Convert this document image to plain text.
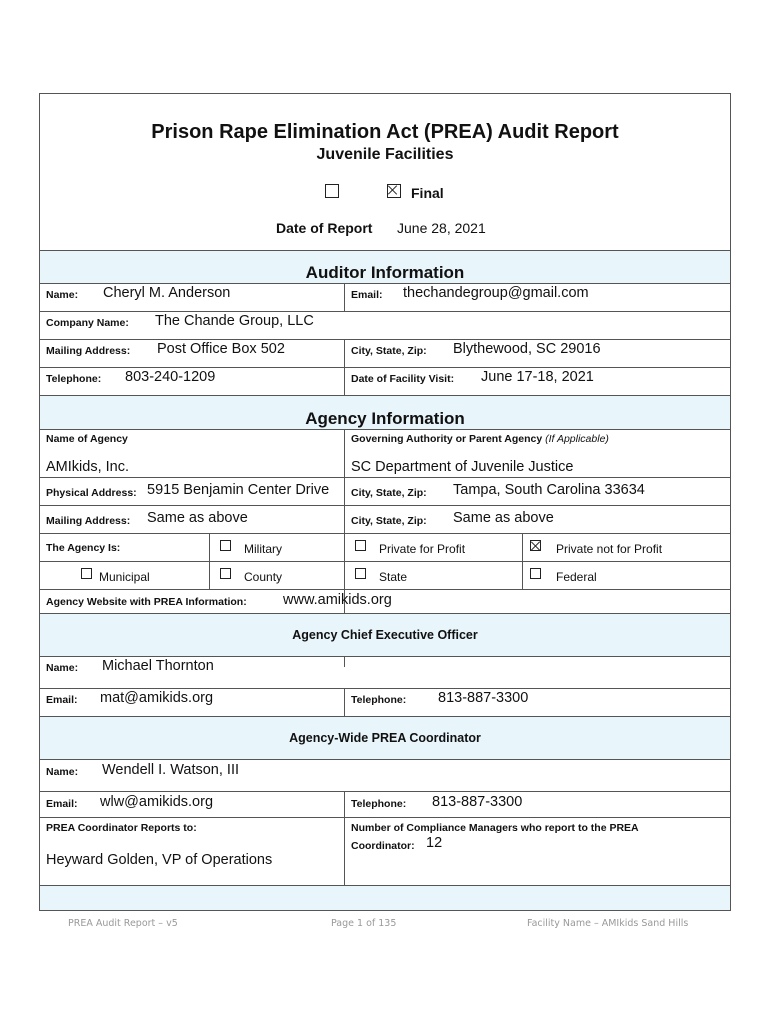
Prison Rape Elimination Act (PREA) Audit Report
Juvenile Facilities
Final
Date of Report June 28, 2021
Auditor Information
Name: Cheryl M. Anderson	Email: thechandegroup@gmail.com
Company Name: The Chande Group, LLC
Mailing Address: Post Office Box 502	City, State, Zip: Blythewood, SC 29016
Telephone: 803-240-1209	Date of Facility Visit: June 17-18, 2021
Agency Information
Name of Agency
AMIkids, Inc.
Governing Authority or Parent Agency (If Applicable)
SC Department of Juvenile Justice
Physical Address: 5915 Benjamin Center Drive City, State, Zip: Tampa, South Carolina 33634
Mailing Address: Same as above	City, State, Zip: Same as above
The Agency Is:	Military	Private for Profit	Private not for Profit
Municipal	County	State	Federal
Agency Website with PREA Information:	www.amikids.org
Agency Chief Executive Officer
Name: Michael Thornton
Email: mat@amikids.org	Telephone: 813-887-3300
Agency-Wide PREA Coordinator
Name: Wendell I. Watson, III
Email: wlw@amikids.org	Telephone: 813-887-3300
PREA Coordinator Reports to:
Heyward Golden, VP of Operations
Number of Compliance Managers who report to the PREA
Coordinator: 12
PREA Audit Report – v5	Page 1 of 135	Facility Name – AMIkids Sand Hills
